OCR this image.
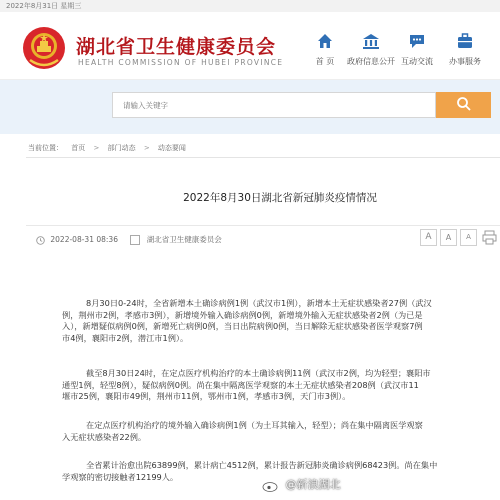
2022年8月31日 星期三
湖北省卫生健康委员会
HEALTH COMMISSION OF HUBEI PROVINCE	首 页	政府信息公开 互动交流	办事服务
请输入关键字
当前位置： 首页 > 部门动态 > 动态要闻
2022年8月30日湖北省新冠肺炎疫情情况
2022-08-31 08:36	湖北省卫生健康委员会	A	A	A
8月30日0-24时，全省新增本土确诊病例1例（武汉市1例），新增本土无症状感染者27例（武汉
例，荆州市2例，孝感市3例），新增境外输入确诊病例0例，新增境外输入无症状感染者2例（为已是
入），新增疑似病例0例，新增死亡病例0例，当日出院病例0例，当日解除无症状感染者医学观察7例
市4例，襄阳市2例，潜江市1例）。
截至8月30日24时，在定点医疗机构治疗的本土确诊病例11例（武汉市2例，均为轻型；襄阳市
通型1例，轻型8例），疑似病例0例。尚在集中隔离医学观察的本土无症状感染者208例（武汉市11
堰市25例，襄阳市49例，荆州市11例，鄂州市1例，孝感市3例，天门市3例）。
在定点医疗机构治疗的境外输入确诊病例1例（为土耳其输入，轻型）；尚在集中隔离医学观察
入无症状感染者22例。
全省累计治愈出院63899例，累计病亡4512例，累计报告新冠肺炎确诊病例68423例。尚在集中
学观察的密切接触者12199人。
@新浪湖北
